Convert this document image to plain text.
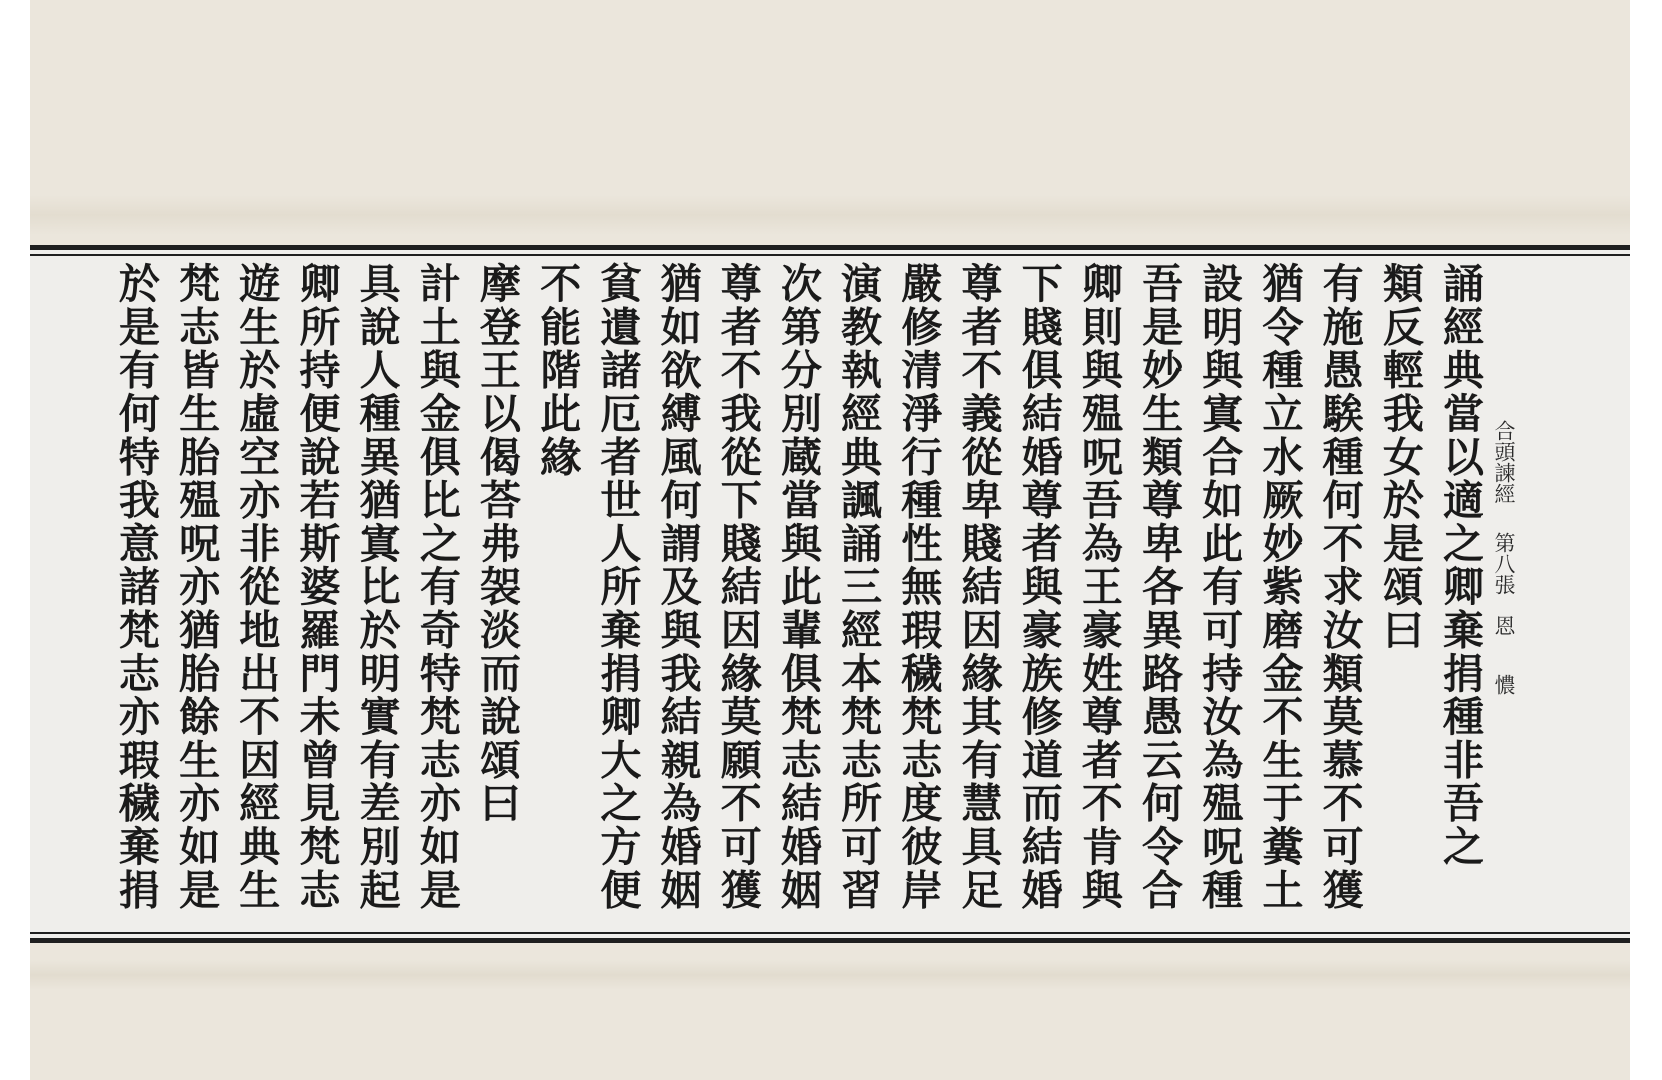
誦經典當以適之卿棄捐種非吾之
類反輕我女於是頌曰
有施愚騃種何不求汝類莫慕不可獲
猶令種立水厥妙紫磨金不生于糞土
設明與寘合如此有可持汝為殟呪種
吾是妙生類尊卑各異路愚云何令合
卿則與殟呪吾為王豪姓尊者不肯與
下賤俱結婚尊者與豪族修道而結婚
尊者不義從卑賤結因緣其有慧具足
嚴修清淨行種性無瑕穢梵志度彼岸
演教執經典諷誦三經本梵志所可習
次第分別蔵當與此輩俱梵志結婚姻
尊者不我從下賤結因緣莫願不可獲
猶如欲縛風何謂及與我結親為婚姻
貧遺諸厄者世人所棄捐卿大之方便
不能階此緣
摩登王以偈荅弗袈淡而說頌曰
計土與金俱比之有奇特梵志亦如是
具說人種異猶寘比於明實有差別起
卿所持便說若斯婆羅門未曾見梵志
遊生於虛空亦非從地出不因經典生
梵志皆生胎殟呪亦猶胎餘生亦如是
於是有何特我意諸梵志亦瑕穢棄捐	合頭諫經第八張恩憹
